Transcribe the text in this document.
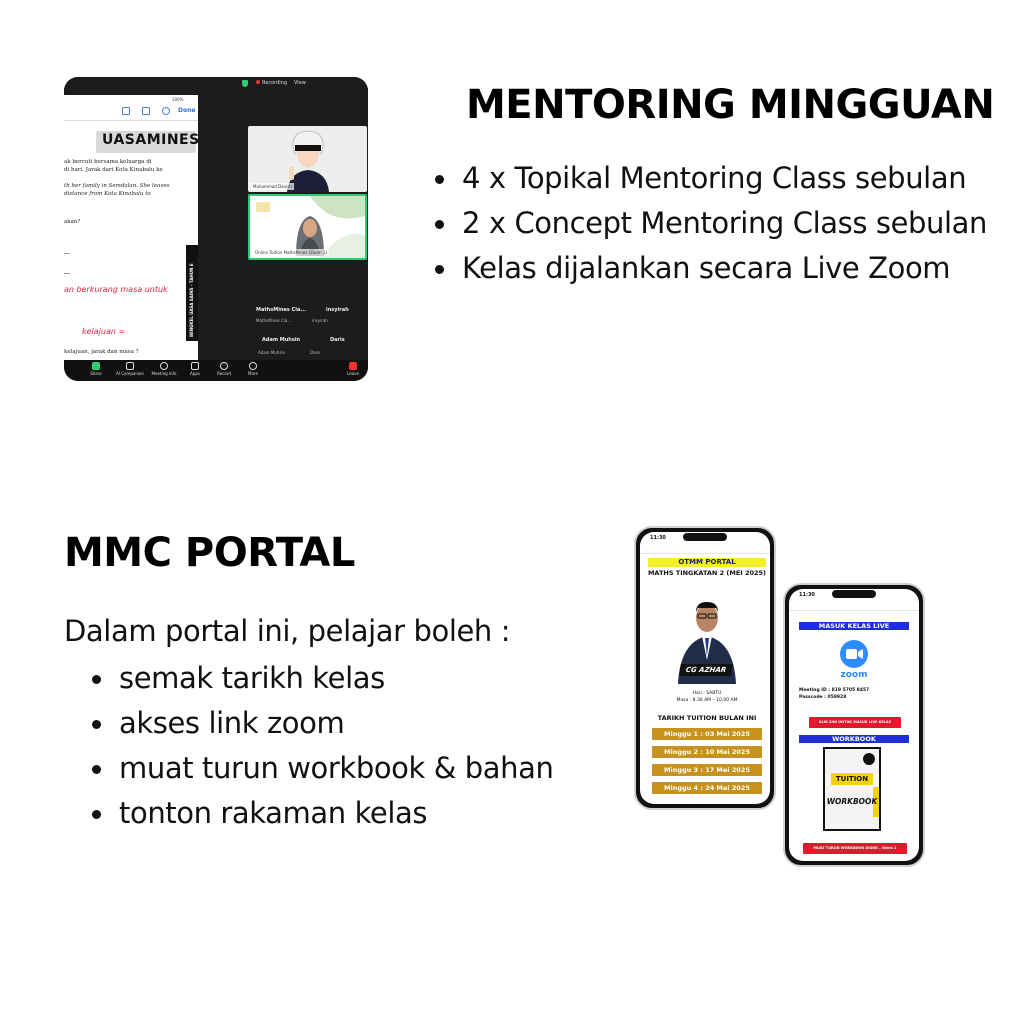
Recording View
100%
Done
UASAMINES
ak bercuti bersama keluarga di
di hari. Jarak dari Kota Kinabalu ke
th her family in Semdalan. She leaves
distance from Kota Kinabalu to
akan?
an berkurang masa untuk
kelajuan =
kelajuan, jarak dan masa ?
BENGKEL UASA SAINS - TAHUN 6
Muhammad Danish
Online Tuition MathsMines (Zoom 1)
MathsMines Cla...
MathsMines Cla...
insyirah
insyirah
Adam Muhsin
Adam Muhsin
Daris
Daris
Share	AI Companion	Meeting info	Apps	Record	More	Leave
MENTORING MINGGUAN
4 x Topikal Mentoring Class sebulan
2 x Concept Mentoring Class sebulan
Kelas dijalankan secara Live Zoom
MMC PORTAL

Dalam portal ini, pelajar boleh :

semak tarikh kelas
akses link zoom
muat turun workbook & bahan
tonton rakaman kelas
11:30
OTMM PORTAL
MATHS TINGKATAN 2 (MEI 2025)
CG AZHAR
Hari : SABTU
Masa : 8.30 AM – 10.00 AM
TARIKH TUITION BULAN INI
Minggu 1 : 03 Mei 2025
Minggu 2 : 10 Mei 2025
Minggu 3 : 17 Mei 2025
Minggu 4 : 24 Mei 2025
11:30
MASUK KELAS LIVE
zoom
Meeting ID : 819 5705 8457
Passcode : 058928
KLIK SINI UNTUK MASUK LIVE KELAS
WORKBOOK
TUITION
WORKBOOK
MUAT TURUN WORKBOOK DISINI – Week 1
